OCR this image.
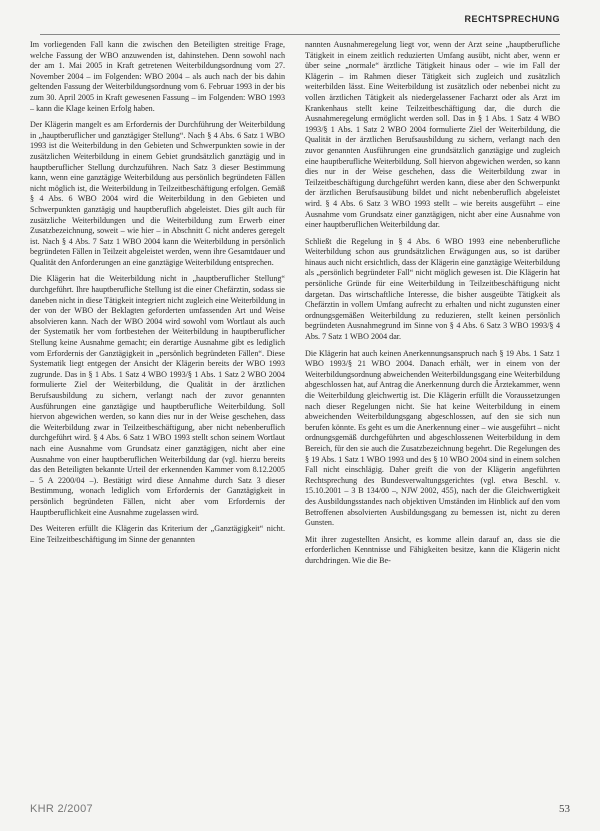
RECHTSPRECHUNG

Im vorliegenden Fall kann die zwischen den Beteiligten streitige Frage, welche Fassung der WBO anzuwenden ist, dahinstehen. Denn sowohl nach der am 1. Mai 2005 in Kraft getretenen Weiterbildungsordnung vom 27. November 2004 – im Folgenden: WBO 2004 – als auch nach der bis dahin geltenden Fassung der Weiterbildungsordnung vom 6. Februar 1993 in der bis zum 30. April 2005 in Kraft gewesenen Fassung – im Folgenden: WBO 1993 – kann die Klage keinen Erfolg haben.

Der Klägerin mangelt es am Erfordernis der Durchführung der Weiterbildung in „hauptberuflicher und ganztägiger Stellung“. Nach § 4 Abs. 6 Satz 1 WBO 1993 ist die Weiterbildung in den Gebieten und Schwerpunkten sowie in der zusätzlichen Weiterbildung in einem Gebiet grundsätzlich ganztägig und in hauptberuflicher Stellung durchzuführen. Nach Satz 3 dieser Bestimmung kann, wenn eine ganztägige Weiterbildung aus persönlich begründeten Fällen nicht möglich ist, die Weiterbildung in Teilzeitbeschäftigung erfolgen. Gemäß § 4 Abs. 6 WBO 2004 wird die Weiterbildung in den Gebieten und Schwerpunkten ganztägig und hauptberuflich abgeleistet. Dies gilt auch für zusätzliche Weiterbildungen und die Weiterbildung zum Erwerb einer Zusatzbezeichnung, soweit – wie hier – in Abschnitt C nicht anderes geregelt ist. Nach § 4 Abs. 7 Satz 1 WBO 2004 kann die Weiterbildung in persönlich begründeten Fällen in Teilzeit abgeleistet werden, wenn ihre Gesamtdauer und Qualität den Anforderungen an eine ganztägige Weiterbildung entsprechen.

Die Klägerin hat die Weiterbildung nicht in „hauptberuflicher Stellung“ durchgeführt. Ihre hauptberufliche Stellung ist die einer Chefärztin, sodass sie daneben nicht in diese Tätigkeit integriert nicht zugleich eine Weiterbildung in der von der WBO der Beklagten geforderten umfassenden Art und Weise absolvieren kann. Nach der WBO 2004 wird sowohl vom Wortlaut als auch der Systematik her vom fortbestehen der Weiterbildung in hauptberuflicher Stellung keine Ausnahme gemacht; ein derartige Ausnahme gibt es lediglich vom Erfordernis der Ganztägigkeit in „persönlich begründeten Fällen“. Diese Systematik liegt entgegen der Ansicht der Klägerin bereits der WBO 1993 zugrunde. Das in § 1 Abs. 1 Satz 4 WBO 1993/§ 1 Abs. 1 Satz 2 WBO 2004 formulierte Ziel der Weiterbildung, die Qualität in der ärztlichen Berufsausbildung zu sichern, verlangt nach der zuvor genannten Ausführungen eine ganztägige und hauptberufliche Weiterbildung. Soll hiervon abgewichen werden, so kann dies nur in der Weise geschehen, dass die Weiterbildung zwar in Teilzeitbeschäftigung, aber nicht nebenberuflich durchgeführt wird. § 4 Abs. 6 Satz 1 WBO 1993 stellt schon seinem Wortlaut nach eine Ausnahme vom Grundsatz einer ganztägigen, nicht aber eine Ausnahme von einer hauptberuflichen Weiterbildung dar (vgl. hierzu bereits das den Beteiligten bekannte Urteil der erkennenden Kammer vom 8.12.2005 – 5 A 2200/04 –). Bestätigt wird diese Annahme durch Satz 3 dieser Bestimmung, wonach lediglich vom Erfordernis der Ganztägigkeit in persönlich begründeten Fällen, nicht aber vom Erfordernis der Hauptberuflichkeit eine Ausnahme zugelassen wird.

Des Weiteren erfüllt die Klägerin das Kriterium der „Ganztägigkeit“ nicht. Eine Teilzeitbeschäftigung im Sinne der genannten

nannten Ausnahmeregelung liegt vor, wenn der Arzt seine „hauptberufliche Tätigkeit in einem zeitlich reduzierten Umfang ausübt, nicht aber, wenn er über seine „normale“ ärztliche Tätigkeit hinaus oder – wie im Fall der Klägerin – im Rahmen dieser Tätigkeit sich zugleich und zusätzlich weiterbilden lässt. Eine Weiterbildung ist zusätzlich oder nebenbei nicht zu vollen ärztlichen Tätigkeit als niedergelassener Facharzt oder als Arzt im Krankenhaus stellt keine Teilzeitbeschäftigung dar, die durch die Ausnahmeregelung ermöglicht werden soll. Das in § 1 Abs. 1 Satz 4 WBO 1993/§ 1 Abs. 1 Satz 2 WBO 2004 formulierte Ziel der Weiterbildung, die Qualität in der ärztlichen Berufsausbildung zu sichern, verlangt nach den zuvor genannten Ausführungen eine grundsätzlich ganztägige und zugleich eine hauptberufliche Weiterbildung. Soll hiervon abgewichen werden, so kann dies nur in der Weise geschehen, dass die Weiterbildung zwar in Teilzeitbeschäftigung durchgeführt werden kann, diese aber den Schwerpunkt der ärztlichen Berufsausübung bildet und nicht nebenberuflich abgeleistet wird. § 4 Abs. 6 Satz 3 WBO 1993 stellt – wie bereits ausgeführt – eine Ausnahme vom Grundsatz einer ganztägigen, nicht aber eine Ausnahme von einer hauptberuflichen Weiterbildung dar.

Schließt die Regelung in § 4 Abs. 6 WBO 1993 eine nebenberufliche Weiterbildung schon aus grundsätzlichen Erwägungen aus, so ist darüber hinaus auch nicht ersichtlich, dass der Klägerin eine ganztägige Weiterbildung als „persönlich begründeter Fall“ nicht möglich gewesen ist. Die Klägerin hat persönliche Gründe für eine Weiterbildung in Teilzeitbeschäftigung nicht dargetan. Das wirtschaftliche Interesse, die bisher ausgeübte Tätigkeit als Chefärztin in vollem Umfang aufrecht zu erhalten und nicht zugunsten einer ordnungsgemäßen Weiterbildung zu reduzieren, stellt keinen persönlich begründeten Ausnahmegrund im Sinne von § 4 Abs. 6 Satz 3 WBO 1993/§ 4 Abs. 7 Satz 1 WBO 2004 dar.

Die Klägerin hat auch keinen Anerkennungsanspruch nach § 19 Abs. 1 Satz 1 WBO 1993/§ 21 WBO 2004. Danach erhält, wer in einem von der Weiterbildungsordnung abweichenden Weiterbildungsgang eine Weiterbildung abgeschlossen hat, auf Antrag die Anerkennung durch die Ärztekammer, wenn die Weiterbildung gleichwertig ist. Die Klägerin erfüllt die Voraussetzungen nach dieser Regelungen nicht. Sie hat keine Weiterbildung in einem abweichenden Weiterbildungsgang abgeschlossen, auf den sie sich nun berufen könnte. Es geht es um die Anerkennung einer – wie ausgeführt – nicht ordnungsgemäß durchgeführten und abgeschlossenen Weiterbildung in dem Bereich, für den sie auch die Zusatzbezeichnung begehrt. Die Regelungen des § 19 Abs. 1 Satz 1 WBO 1993 und des § 10 WBO 2004 sind in einem solchen Fall nicht einschlägig. Daher greift die von der Klägerin angeführten Rechtsprechung des Bundesverwaltungsgerichtes (vgl. etwa Beschl. v. 15.10.2001 – 3 B 134/00 –, NJW 2002, 455), nach der die Gleichwertigkeit des Ausbildungsstandes nach objektiven Umständen im Hinblick auf den vom Betroffenen absolvierten Ausbildungsgang zu bemessen ist, nicht zu deren Gunsten.

Mit ihrer zugestellten Ansicht, es komme allein darauf an, dass sie die erforderlichen Kenntnisse und Fähigkeiten besitze, kann die Klägerin nicht durchdringen. Wie die Be-

KHR 2/2007	53
